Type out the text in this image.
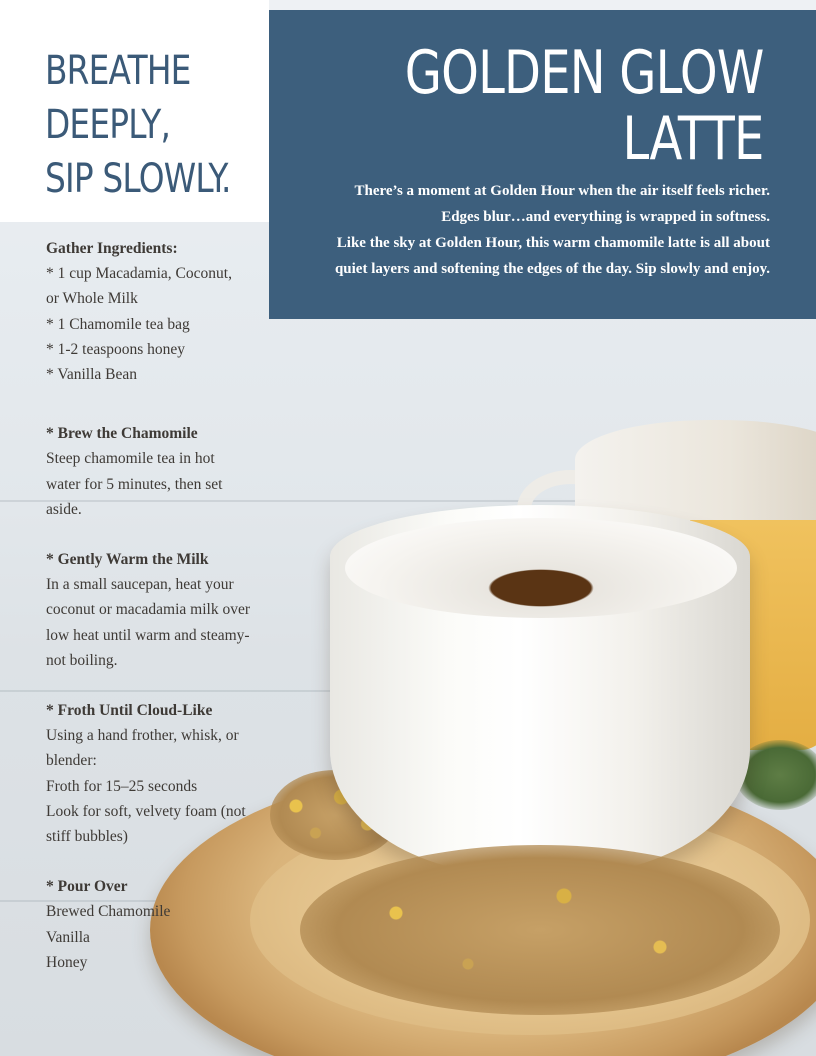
BREATHE
DEEPLY,
SIP SLOWLY.
GOLDEN GLOW
LATTE

There’s a moment at Golden Hour when the air itself feels richer.
Edges blur…and everything is wrapped in softness.
Like the sky at Golden Hour, this warm chamomile latte is all about
quiet layers and softening the edges of the day. Sip slowly and enjoy.

Gather Ingredients:
* 1 cup Macadamia, Coconut,
or Whole Milk
* 1 Chamomile tea bag
* 1-2 teaspoons honey
* Vanilla Bean
* Brew the Chamomile
Steep chamomile tea in hot
water for 5 minutes, then set
aside.
* Gently Warm the Milk
In a small saucepan, heat your
coconut or macadamia milk over
low heat until warm and steamy-
not boiling.
* Froth Until Cloud-Like
Using a hand frother, whisk, or
blender:
Froth for 15–25 seconds
Look for soft, velvety foam (not
stiff bubbles)
* Pour Over
Brewed Chamomile
Vanilla
Honey
